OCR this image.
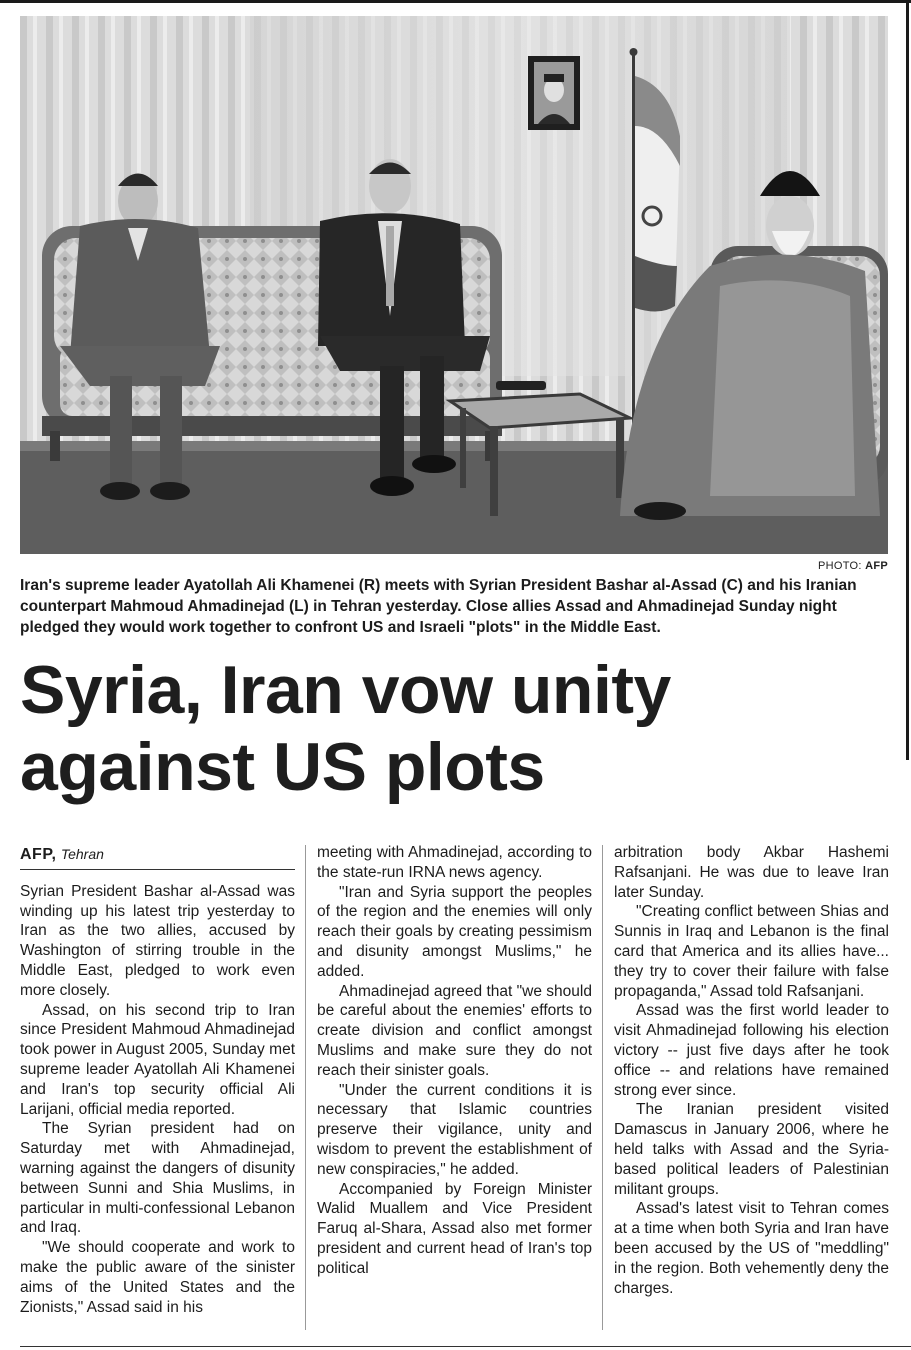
PHOTO: AFP
Iran's supreme leader Ayatollah Ali Khamenei (R) meets with Syrian President Bashar al-Assad (C) and his Iranian
counterpart Mahmoud Ahmadinejad (L) in Tehran yesterday. Close allies Assad and Ahmadinejad Sunday night
pledged they would work together to confront US and Israeli "plots" in the Middle East.
Syria, Iran vow unity
against US plots
AFP, Tehran

Syrian President Bashar al-Assad was winding up his latest trip yesterday to Iran as the two allies, accused by Washington of stirring trouble in the Middle East, pledged to work even more closely.

Assad, on his second trip to Iran since President Mahmoud Ahmadinejad took power in August 2005, Sunday met supreme leader Ayatollah Ali Khamenei and Iran's top security official Ali Larijani, official media reported.

The Syrian president had on Saturday met with Ahmadinejad, warning against the dangers of disunity between Sunni and Shia Muslims, in particular in multi-confessional Lebanon and Iraq.

"We should cooperate and work to make the public aware of the sinister aims of the United States and the Zionists," Assad said in his

meeting with Ahmadinejad, according to the state-run IRNA news agency.

"Iran and Syria support the peoples of the region and the enemies will only reach their goals by creating pessimism and disunity amongst Muslims," he added.

Ahmadinejad agreed that "we should be careful about the enemies' efforts to create division and conflict amongst Muslims and make sure they do not reach their sinister goals.

"Under the current conditions it is necessary that Islamic countries preserve their vigilance, unity and wisdom to prevent the establishment of new conspiracies," he added.

Accompanied by Foreign Minister Walid Muallem and Vice President Faruq al-Shara, Assad also met former president and current head of Iran's top political

arbitration body Akbar Hashemi Rafsanjani. He was due to leave Iran later Sunday.

"Creating conflict between Shias and Sunnis in Iraq and Lebanon is the final card that America and its allies have... they try to cover their failure with false propaganda," Assad told Rafsanjani.

Assad was the first world leader to visit Ahmadinejad following his election victory -- just five days after he took office -- and relations have remained strong ever since.

The Iranian president visited Damascus in January 2006, where he held talks with Assad and the Syria-based political leaders of Palestinian militant groups.

Assad's latest visit to Tehran comes at a time when both Syria and Iran have been accused by the US of "meddling" in the region. Both vehemently deny the charges.
